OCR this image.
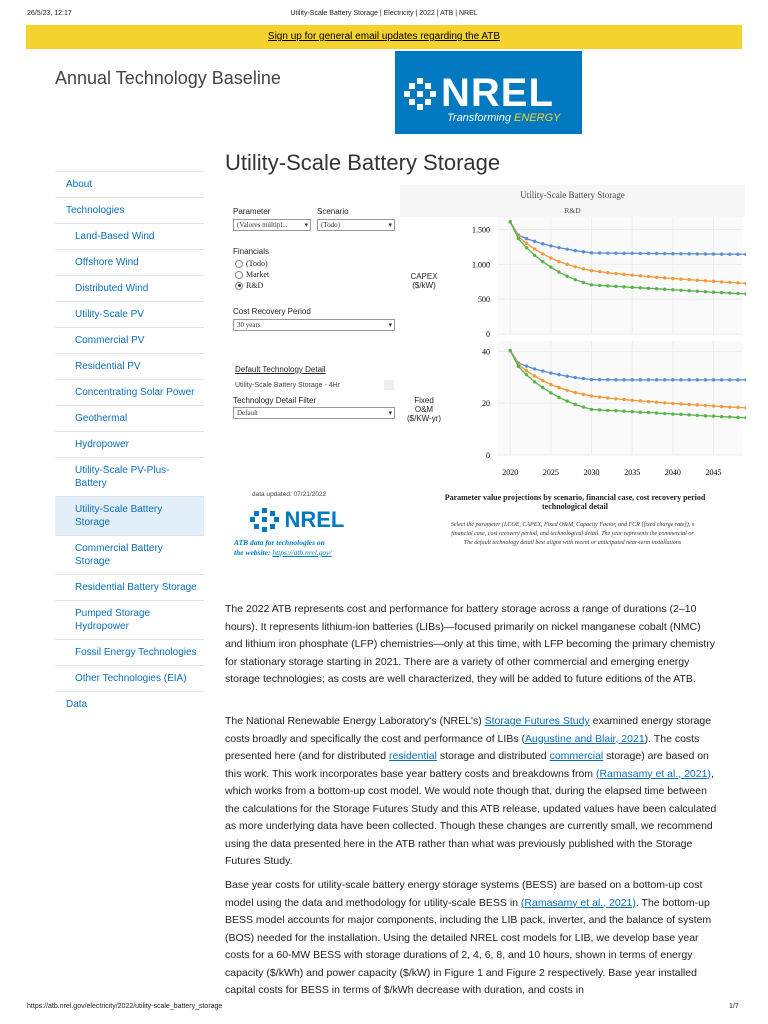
26/5/23, 12:17	Utility-Scale Battery Storage | Electricity | 2022 | ATB | NREL
Sign up for general email updates regarding the ATB
Annual Technology Baseline	NREL
Transforming ENERGY
Utility-Scale Battery Storage
About
Technologies
Land-Based Wind
Offshore Wind
Distributed Wind
Utility-Scale PV
Commercial PV
Residential PV
Concentrating Solar Power
Geothermal
Hydropower
Utility-Scale PV-Plus-Battery
Utility-Scale Battery Storage
Commercial Battery Storage
Residential Battery Storage
Pumped Storage Hydropower
Fossil Energy Technologies
Other Technologies (EIA)
Data
Parameter
(Valores múltipl... ▾
Scenario
(Todo)	▾
Financials
(Todo)
Market
R&D
Cost Recovery Period
30 years	▾
Default Technology Detail
Utility-Scale Battery Storage - 4Hr
Technology Detail Filter
Default	▾
data updated: 07/21/2022
NREL
ATB data for technologies on
the website: https://atb.nrel.gov/
Utility-Scale Battery Storage
R&D
CAPEX
($/kW)
Fixed
O&M
($/KW-yr)
0
500
1.000
1.500
0
20
40
2020	2025	2030	2035	2040	2045
Parameter value projections by scenario, financial case, cost recovery period
technological detail
Select the parameter (LCOE, CAPEX, Fixed O&M, Capacity Factor, and FCR [fixed charge rate]), s
financial case, cost recovery period, and technological detail. The year represents the commercial or
The default technology detail best aligns with recent or anticipated near-term installations

The 2022 ATB represents cost and performance for battery storage across a range of durations (2–10 hours). It represents lithium-ion batteries (LIBs)—focused primarily on nickel manganese cobalt (NMC) and lithium iron phosphate (LFP) chemistries—only at this time, with LFP becoming the primary chemistry for stationary storage starting in 2021. There are a variety of other commercial and emerging energy storage technologies; as costs are well characterized, they will be added to future editions of the ATB.

The National Renewable Energy Laboratory's (NREL's) Storage Futures Study examined energy storage costs broadly and specifically the cost and performance of LIBs (Augustine and Blair, 2021). The costs presented here (and for distributed residential storage and distributed commercial storage) are based on this work. This work incorporates base year battery costs and breakdowns from (Ramasamy et al., 2021), which works from a bottom-up cost model. We would note though that, during the elapsed time between the calculations for the Storage Futures Study and this ATB release, updated values have been calculated as more underlying data have been collected. Though these changes are currently small, we recommend using the data presented here in the ATB rather than what was previously published with the Storage Futures Study.

Base year costs for utility-scale battery energy storage systems (BESS) are based on a bottom-up cost model using the data and methodology for utility-scale BESS in (Ramasamy et al., 2021). The bottom-up BESS model accounts for major components, including the LIB pack, inverter, and the balance of system (BOS) needed for the installation. Using the detailed NREL cost models for LIB, we develop base year costs for a 60-MW BESS with storage durations of 2, 4, 6, 8, and 10 hours, shown in terms of energy capacity ($/kWh) and power capacity ($/kW) in Figure 1 and Figure 2 respectively. Base year installed capital costs for BESS in terms of $/kWh decrease with duration, and costs in

https://atb.nrel.gov/electricity/2022/utility-scale_battery_storage	1/7
